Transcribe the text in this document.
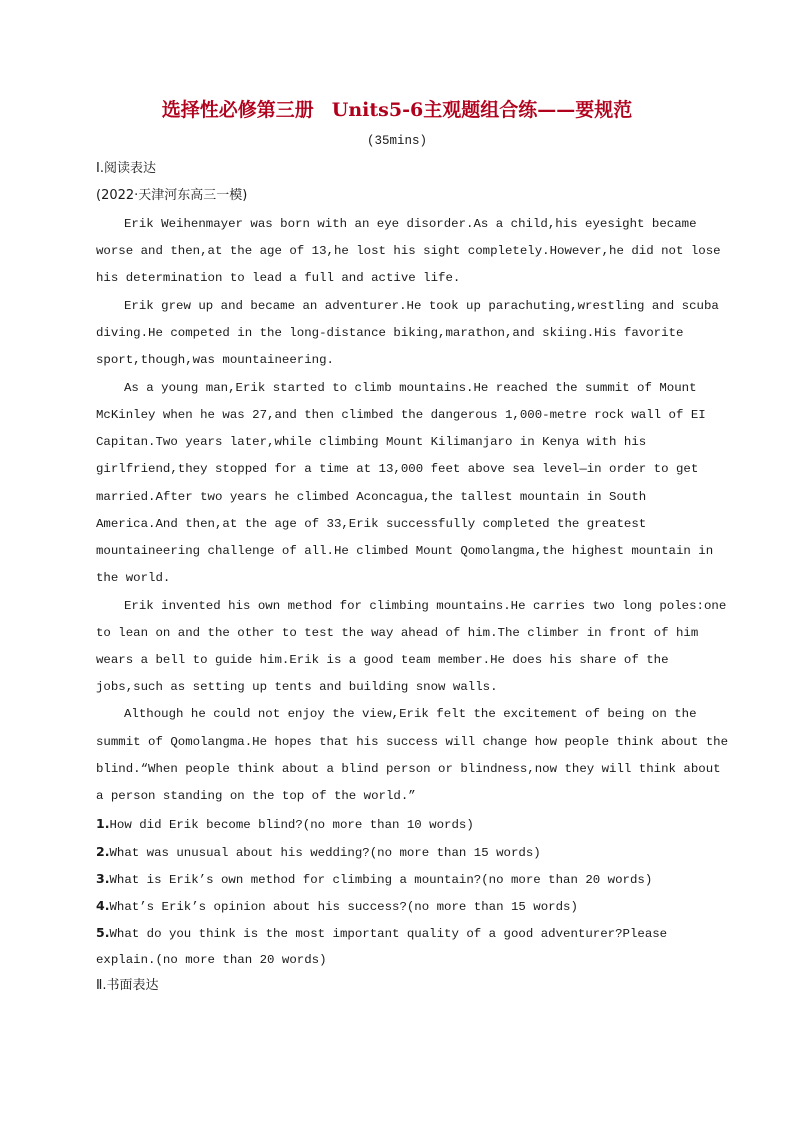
选择性必修第三册 Units5-6主观题组合练——要规范
(35mins)
Ⅰ.阅读表达
(2022·天津河东高三一模)
Erik Weihenmayer was born with an eye disorder.As a child,his eyesight became
worse and then,at the age of 13,he lost his sight completely.However,he did not lose
his determination to lead a full and active life.
Erik grew up and became an adventurer.He took up parachuting,wrestling and scuba
diving.He competed in the long-distance biking,marathon,and skiing.His favorite
sport,though,was mountaineering.
As a young man,Erik started to climb mountains.He reached the summit of Mount
McKinley when he was 27,and then climbed the dangerous 1,000-metre rock wall of EI
Capitan.Two years later,while climbing Mount Kilimanjaro in Kenya with his
girlfriend,they stopped for a time at 13,000 feet above sea level—in order to get
married.After two years he climbed Aconcagua,the tallest mountain in South
America.And then,at the age of 33,Erik successfully completed the greatest
mountaineering challenge of all.He climbed Mount Qomolangma,the highest mountain in
the world.
Erik invented his own method for climbing mountains.He carries two long poles:one
to lean on and the other to test the way ahead of him.The climber in front of him
wears a bell to guide him.Erik is a good team member.He does his share of the
jobs,such as setting up tents and building snow walls.
Although he could not enjoy the view,Erik felt the excitement of being on the
summit of Qomolangma.He hopes that his success will change how people think about the
blind.“When people think about a blind person or blindness,now they will think about
a person standing on the top of the world.”
1.How did Erik become blind?(no more than 10 words)
2.What was unusual about his wedding?(no more than 15 words)
3.What is Erik’s own method for climbing a mountain?(no more than 20 words)
4.What’s Erik’s opinion about his success?(no more than 15 words)
5.What do you think is the most important quality of a good adventurer?Please
explain.(no more than 20 words)
Ⅱ.书面表达
